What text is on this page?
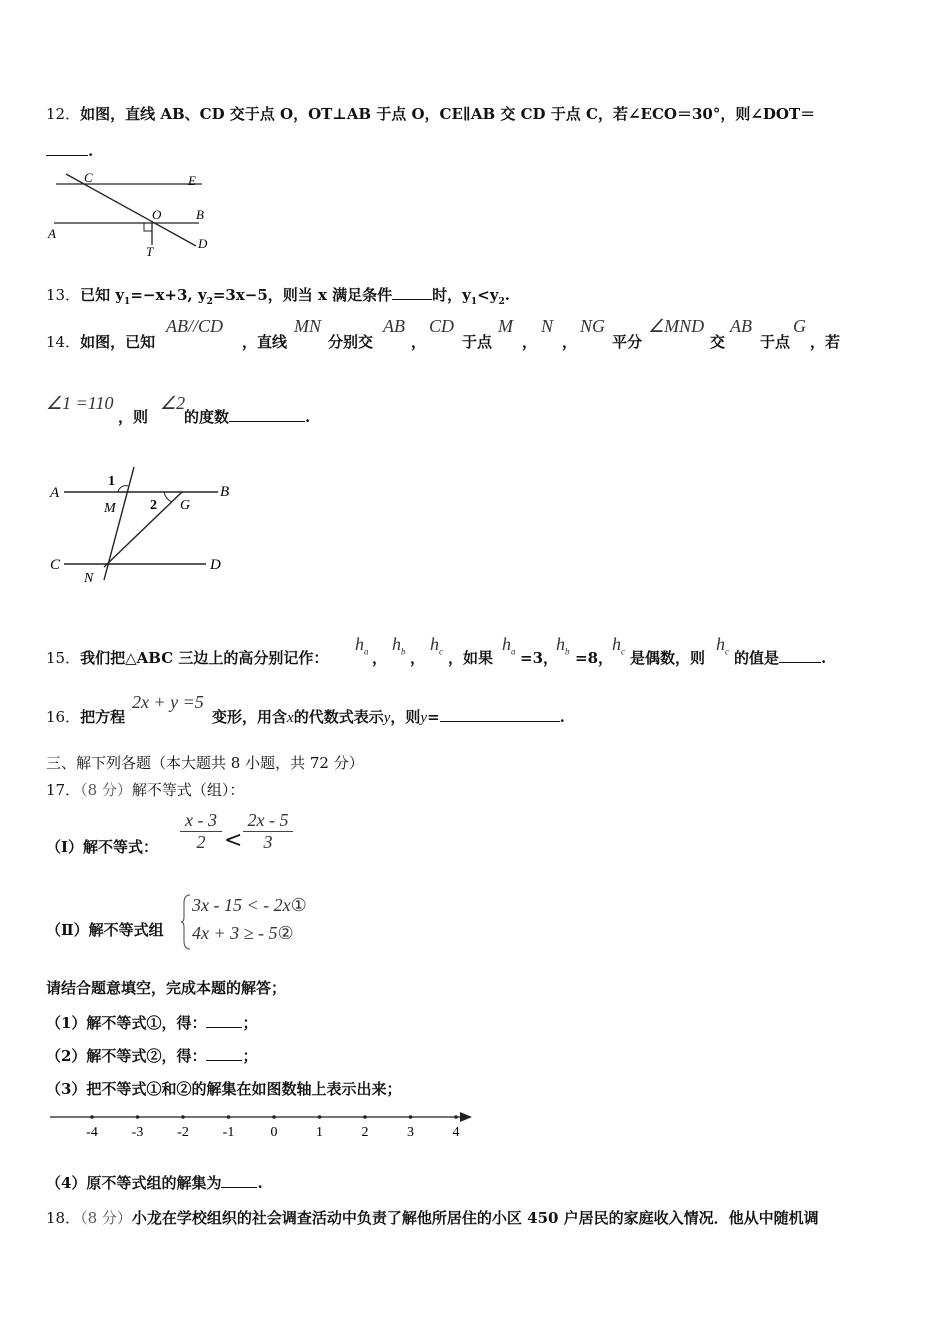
12．如图，直线 AB、CD 交于点 O，OT⊥AB 于点 O，CE∥AB 交 CD 于点 C，若∠ECO＝30°，则∠DOT＝
.
C	E
O	B
A
D
T
13．已知 $y_1=-x+3$, $y_2=3x-5$，则当 x 满足条件	时，$y_1<y_2$.
14．如图，已知
AB//CD
，直线
MN
分别交
AB
，
CD
于点
M
，
N
，
NG
平分
∠MND
交
AB
于点
G
，若
∠1 =110
，则
∠2
的度数	.
A	B
C	D
M
N
G
1
2
15．我们把△ABC 三边上的高分别记作：
$h_a$ ，
$h_b$ ，
$h_c$ ，如果
$h_a =3$，
$h_b =8$，
$h_c$ 是偶数，则
$h_c$ 的值是	.
16．把方程
2x + y =5
变形，用含x的代数式表示y，则y=	.
三、解下列各题（本大题共 8 小题，共 72 分）
17．（8 分）解不等式（组）：
（Ⅰ）解不等式： $\frac{x - 3}{2} < \frac{2x - 5}{3}$
（Ⅱ）解不等式组
3x - 15 < - 2x①
4x + 3 ≥ - 5②
请结合题意填空，完成本题的解答；
（1）解不等式①，得： ；
（2）解不等式②，得： ；
（3）把不等式①和②的解集在如图数轴上表示出来；
-4 -3 -2 -1	0	1	2	3	4
（4）原不等式组的解集为 .
18．（8 分）小龙在学校组织的社会调查活动中负责了解他所居住的小区 450 户居民的家庭收入情况．他从中随机调
